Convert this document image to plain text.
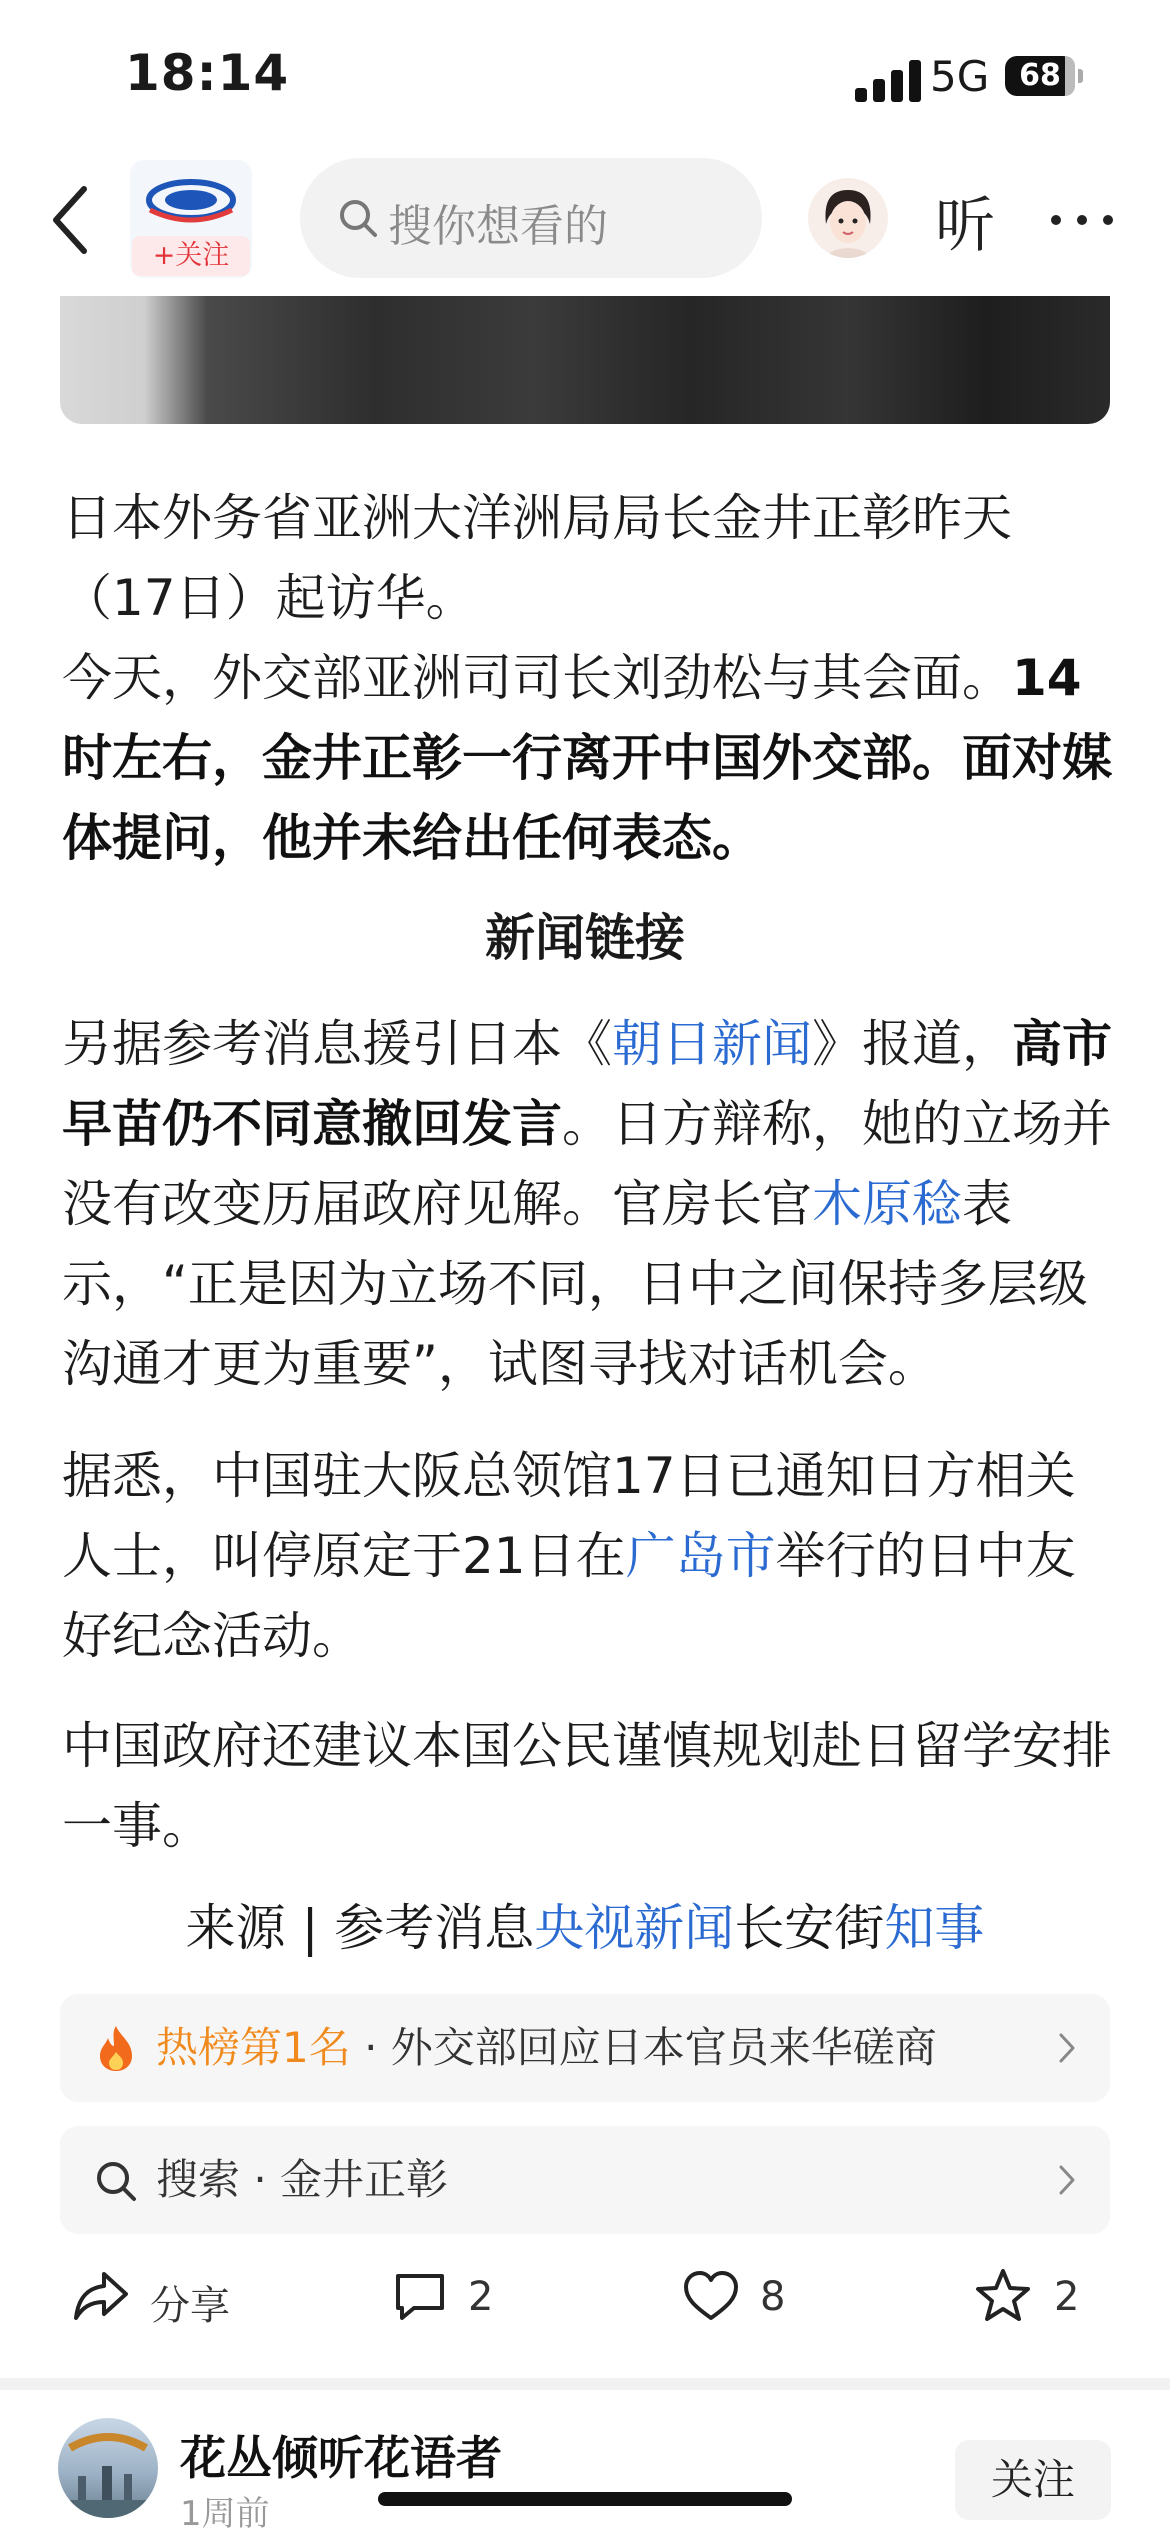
18:14	5G 68
+关注
搜你想看的	听
日本外务省亚洲大洋洲局局长金井正彰昨天（17日）起访华。
今天，外交部亚洲司司长刘劲松与其会面。14时左右，金井正彰一行离开中国外交部。面对媒体提问，他并未给出任何表态。
新闻链接
另据参考消息援引日本《朝日新闻》报道，高市早苗仍不同意撤回发言。日方辩称，她的立场并没有改变历届政府见解。官房长官木原稔表示，“正是因为立场不同，日中之间保持多层级沟通才更为重要”，试图寻找对话机会。
据悉，中国驻大阪总领馆17日已通知日方相关人士，叫停原定于21日在广岛市举行的日中友好纪念活动。
中国政府还建议本国公民谨慎规划赴日留学安排一事。
来源 | 参考消息央视新闻长安街知事
热榜第1名 · 外交部回应日本官员来华磋商
搜索 · 金井正彰
分享	2	8	2
花丛倾听花语者
1周前
关注
